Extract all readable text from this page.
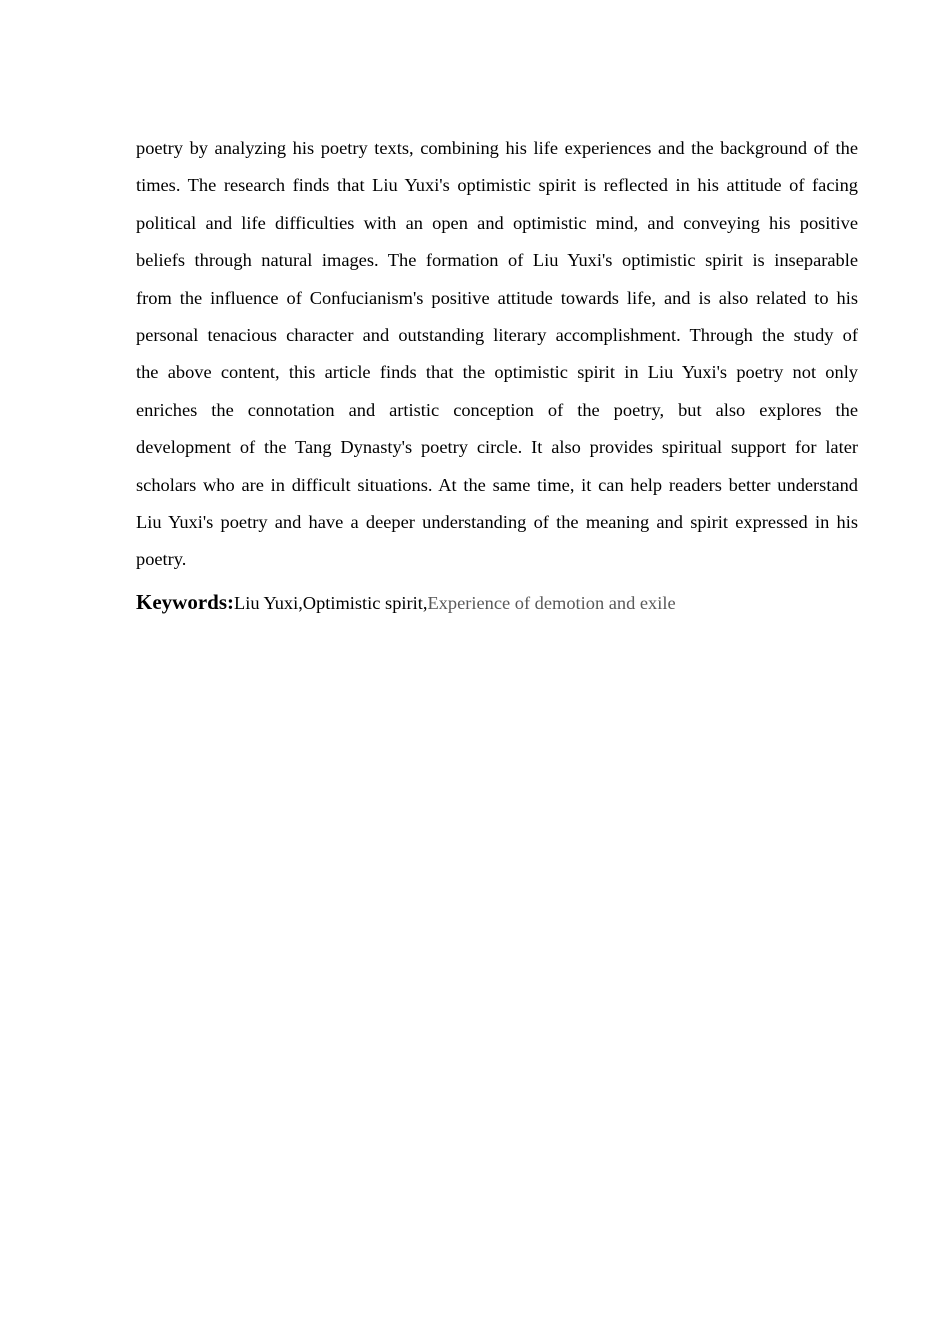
poetry by analyzing his poetry texts, combining his life experiences and the background of the
times. The research finds that Liu Yuxi's optimistic spirit is reflected in his attitude of facing
political and life difficulties with an open and optimistic mind, and conveying his positive
beliefs through natural images. The formation of Liu Yuxi's optimistic spirit is inseparable
from the influence of Confucianism's positive attitude towards life, and is also related to his
personal tenacious character and outstanding literary accomplishment. Through the study of
the above content, this article finds that the optimistic spirit in Liu Yuxi's poetry not only
enriches the connotation and artistic conception of the poetry, but also explores the
development of the Tang Dynasty's poetry circle. It also provides spiritual support for later
scholars who are in difficult situations. At the same time, it can help readers better understand
Liu Yuxi's poetry and have a deeper understanding of the meaning and spirit expressed in his
poetry.
Keywords:Liu Yuxi,Optimistic spirit,Experience of demotion and exile
